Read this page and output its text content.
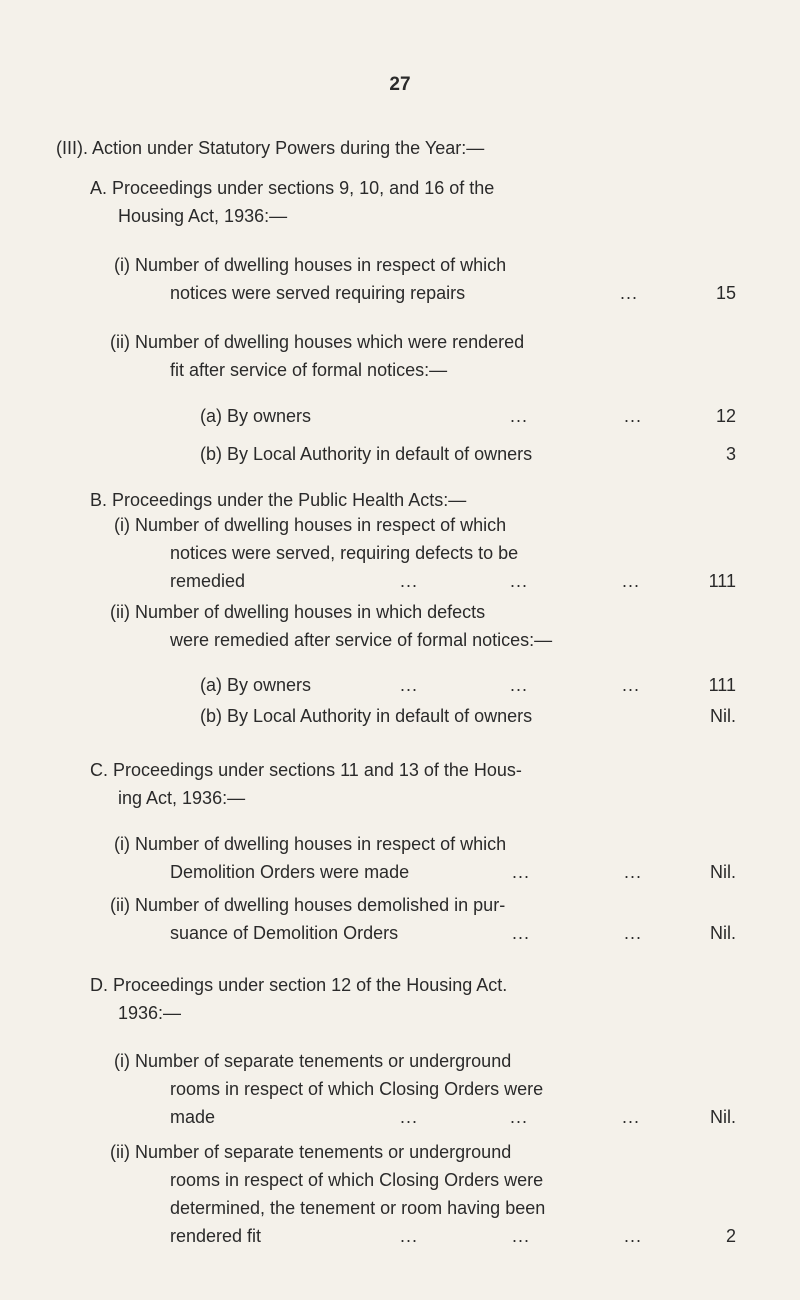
27
(III). Action under Statutory Powers during the Year:—
A. Proceedings under sections 9, 10, and 16 of the
Housing Act, 1936:—
(i) Number of dwelling houses in respect of which
notices were served requiring repairs	...	15
(ii) Number of dwelling houses which were rendered
fit after service of formal notices:—
(a) By owners	...	...	12
(b) By Local Authority in default of owners	3
B. Proceedings under the Public Health Acts:—
(i) Number of dwelling houses in respect of which
notices were served, requiring defects to be
remedied	...	...	...	111
(ii) Number of dwelling houses in which defects
were remedied after service of formal notices:—
(a) By owners	...	...	...	111
(b) By Local Authority in default of owners	Nil.
C. Proceedings under sections 11 and 13 of the Hous-
ing Act, 1936:—
(i) Number of dwelling houses in respect of which
Demolition Orders were made	...	...	Nil.
(ii) Number of dwelling houses demolished in pur-
suance of Demolition Orders	...	...	Nil.
D. Proceedings under section 12 of the Housing Act.
1936:—
(i) Number of separate tenements or underground
rooms in respect of which Closing Orders were
made	...	...	...	Nil.
(ii) Number of separate tenements or underground
rooms in respect of which Closing Orders were
determined, the tenement or room having been
rendered fit	...	...	...	2
